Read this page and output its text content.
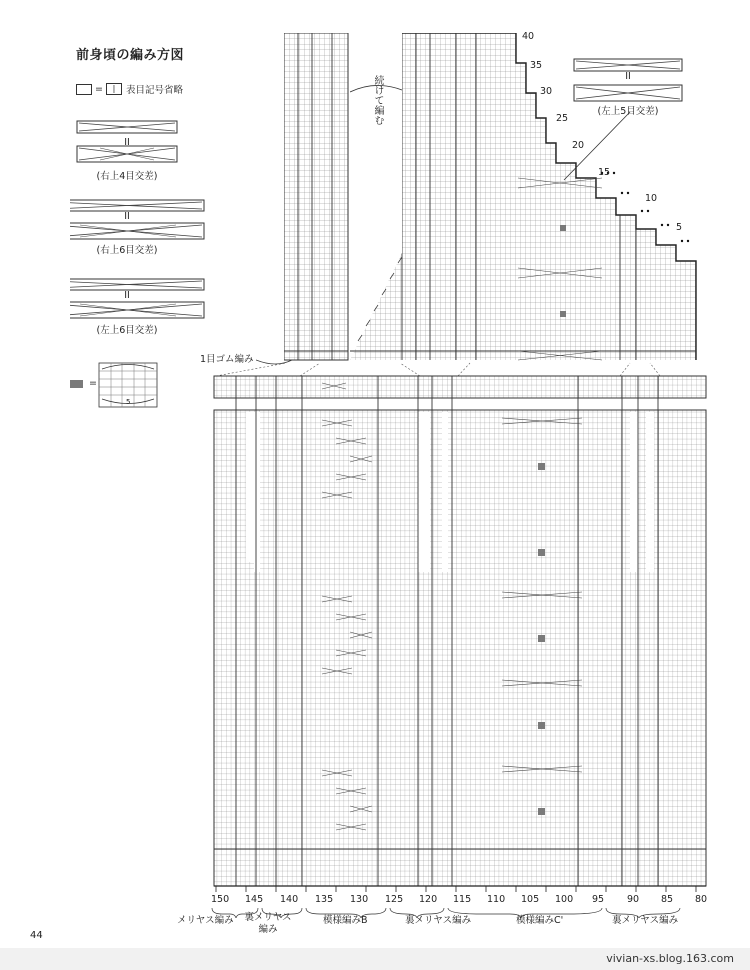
前身頃の編み方図
=	|	表目記号省略
II
(右上4目交差)
II
(右上6目交差)
II
(左上6目交差)
=
5
続けて編む
1目ゴム編み
II
(左上5目交差)
40
35
30
25
20
15
10
5
150 145 140 135 130 125 120 115 110 105 100 95 90 85 80
メリヤス編み 裏メリヤス編み
模様編みB	裏メリヤス編み	模様編みC'	裏メリヤス編み
44
vivian-xs.blog.163.com
